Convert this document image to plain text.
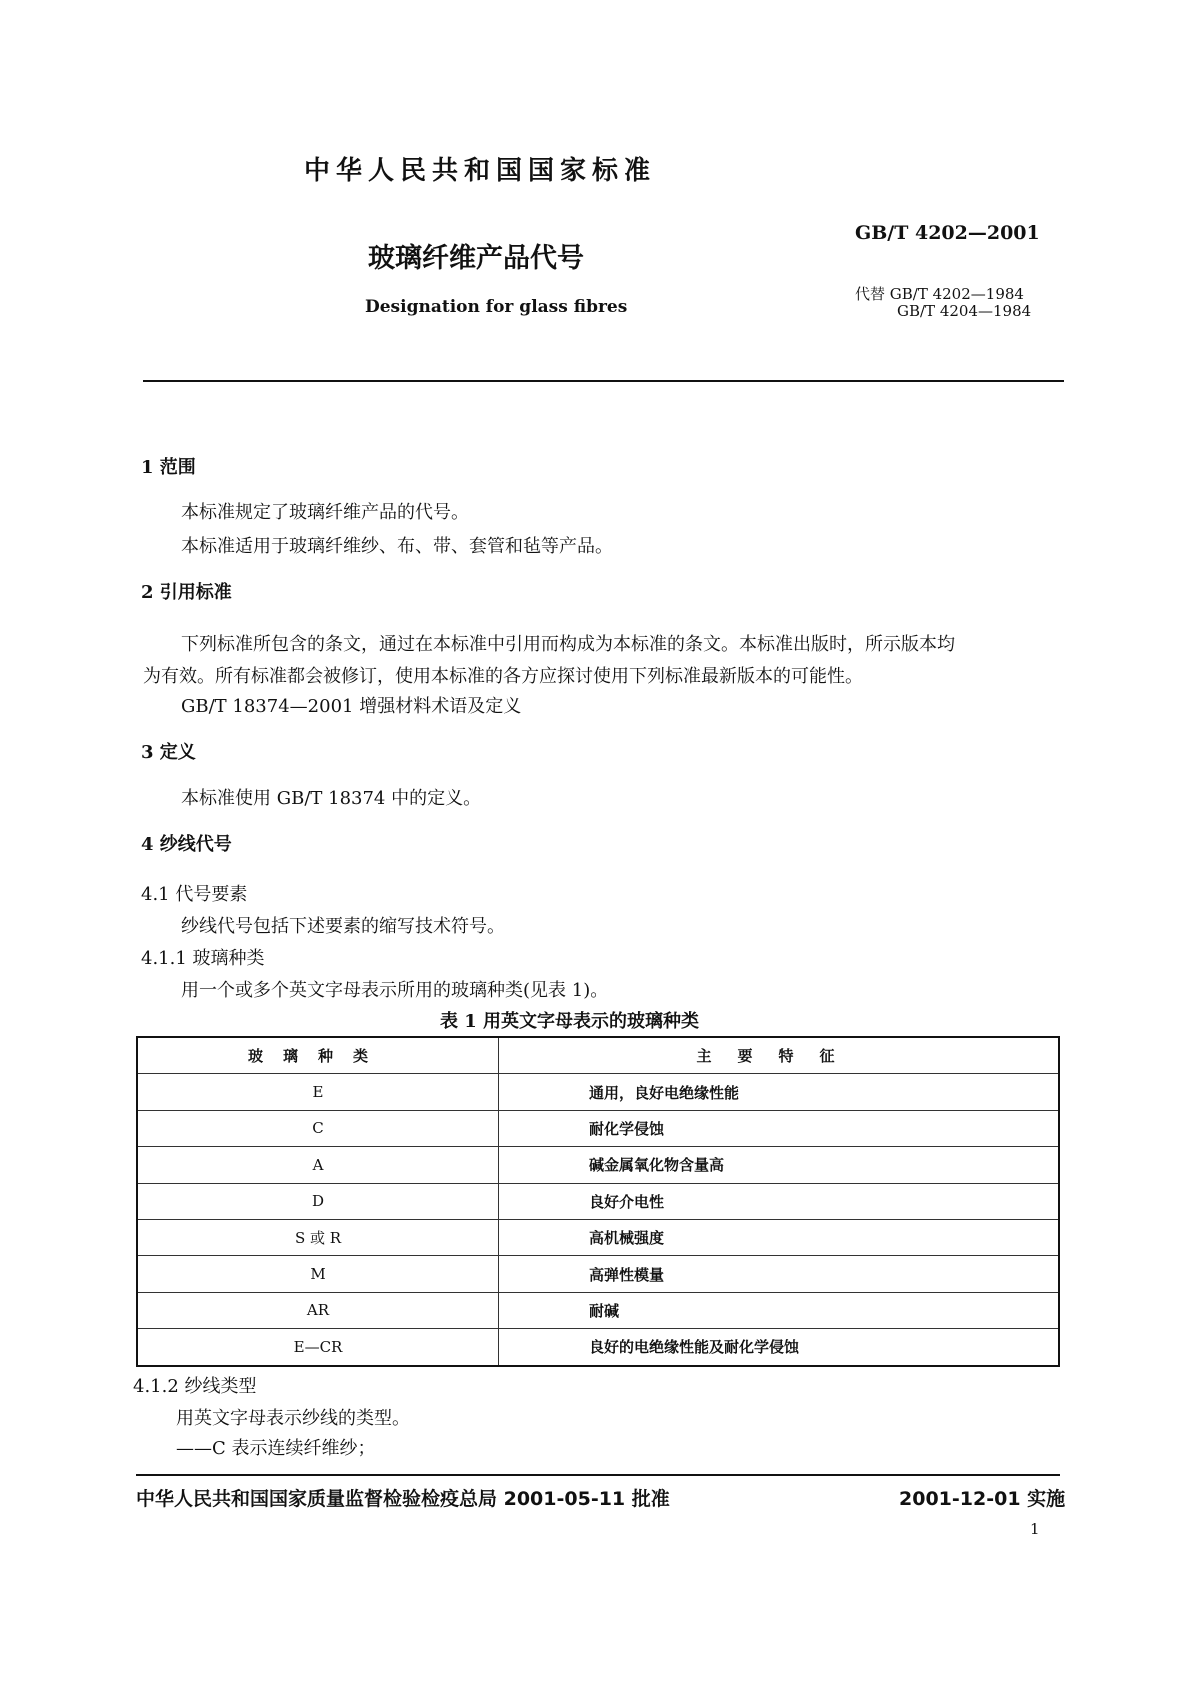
中华人民共和国国家标准
玻璃纤维产品代号
Designation for glass fibres
GB/T 4202—2001
代替 GB/T 4202—1984
GB/T 4204—1984
1 范围
本标准规定了玻璃纤维产品的代号。
本标准适用于玻璃纤维纱、布、带、套管和毡等产品。
2 引用标准
下列标准所包含的条文，通过在本标准中引用而构成为本标准的条文。本标准出版时，所示版本均
为有效。所有标准都会被修订，使用本标准的各方应探讨使用下列标准最新版本的可能性。
GB/T 18374—2001 增强材料术语及定义
3 定义
本标准使用 GB/T 18374 中的定义。
4 纱线代号
4.1 代号要素
纱线代号包括下述要素的缩写技术符号。
4.1.1 玻璃种类
用一个或多个英文字母表示所用的玻璃种类(见表 1)。
表 1 用英文字母表示的玻璃种类
玻璃种类	主要特征
E	通用，良好电绝缘性能
C	耐化学侵蚀
A	碱金属氧化物含量高
D	良好介电性
S 或 R	高机械强度
M	高弹性模量
AR	耐碱
E—CR	良好的电绝缘性能及耐化学侵蚀
4.1.2 纱线类型
用英文字母表示纱线的类型。
——C 表示连续纤维纱；
中华人民共和国国家质量监督检验检疫总局 2001-05-11 批准	2001-12-01 实施
1
